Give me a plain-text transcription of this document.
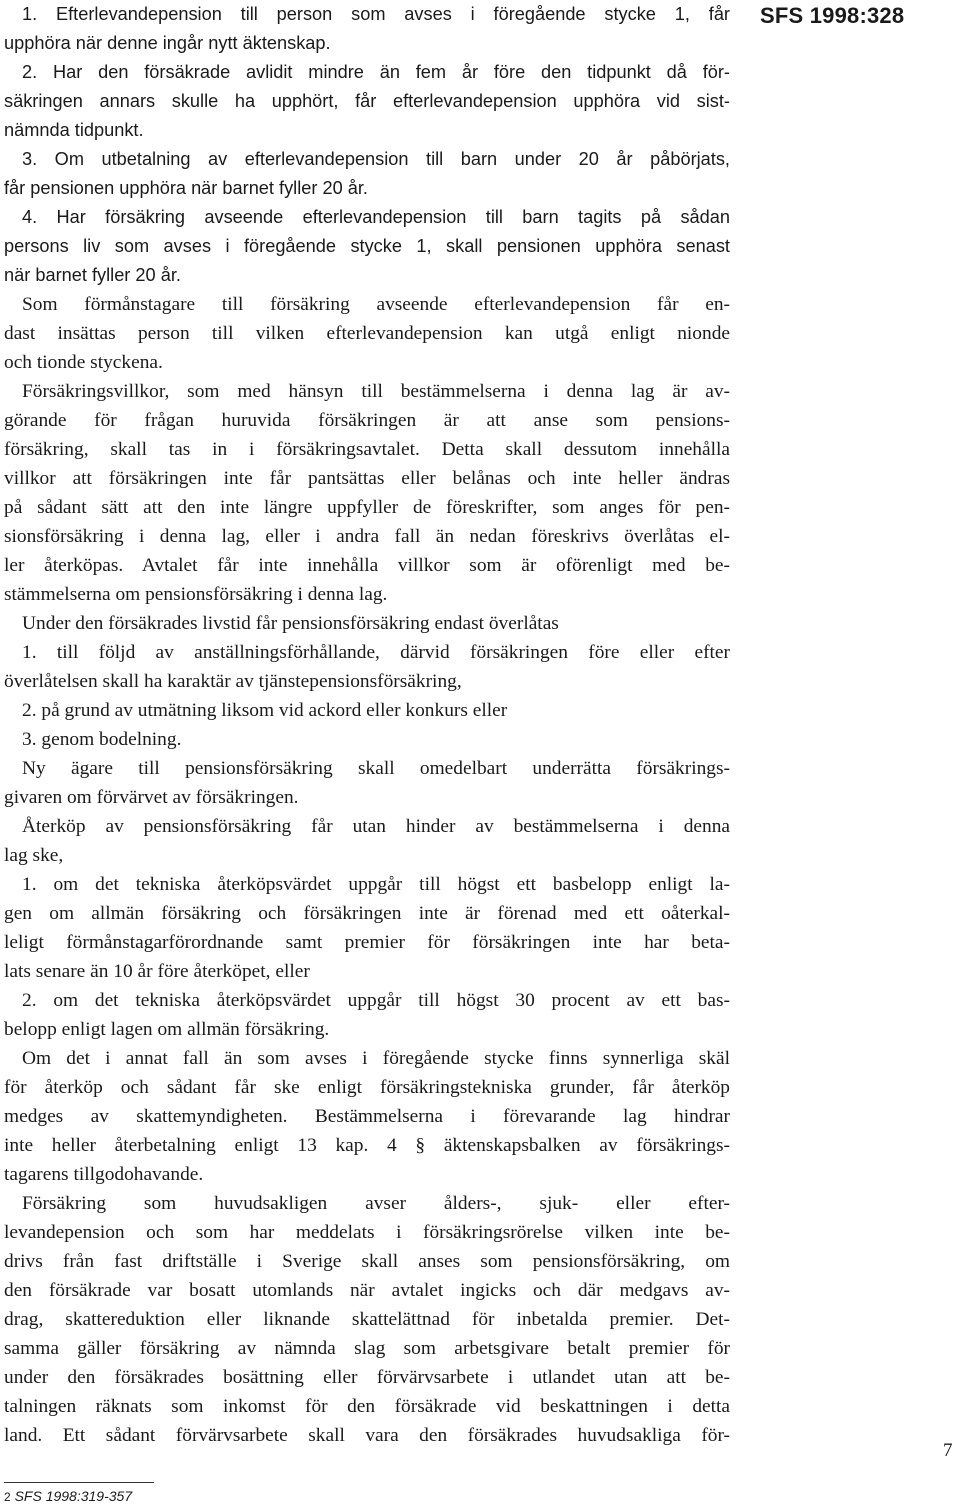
SFS 1998:328
1. Efterlevandepension till person som avses i föregående stycke 1, får
upphöra när denne ingår nytt äktenskap.
2. Har den försäkrade avlidit mindre än fem år före den tidpunkt då för-
säkringen annars skulle ha upphört, får efterlevandepension upphöra vid sist-
nämnda tidpunkt.
3. Om utbetalning av efterlevandepension till barn under 20 år påbörjats,
får pensionen upphöra när barnet fyller 20 år.
4. Har försäkring avseende efterlevandepension till barn tagits på sådan
persons liv som avses i föregående stycke 1, skall pensionen upphöra senast
när barnet fyller 20 år.
Som förmånstagare till försäkring avseende efterlevandepension får en-
dast insättas person till vilken efterlevandepension kan utgå enligt nionde
och tionde styckena.
Försäkringsvillkor, som med hänsyn till bestämmelserna i denna lag är av-
görande för frågan huruvida försäkringen är att anse som pensions-
försäkring, skall tas in i försäkringsavtalet. Detta skall dessutom innehålla
villkor att försäkringen inte får pantsättas eller belånas och inte heller ändras
på sådant sätt att den inte längre uppfyller de föreskrifter, som anges för pen-
sionsförsäkring i denna lag, eller i andra fall än nedan föreskrivs överlåtas el-
ler återköpas. Avtalet får inte innehålla villkor som är oförenligt med be-
stämmelserna om pensionsförsäkring i denna lag.
Under den försäkrades livstid får pensionsförsäkring endast överlåtas
1. till följd av anställningsförhållande, därvid försäkringen före eller efter
överlåtelsen skall ha karaktär av tjänstepensionsförsäkring,
2. på grund av utmätning liksom vid ackord eller konkurs eller
3. genom bodelning.
Ny ägare till pensionsförsäkring skall omedelbart underrätta försäkrings-
givaren om förvärvet av försäkringen.
Återköp av pensionsförsäkring får utan hinder av bestämmelserna i denna
lag ske,
1. om det tekniska återköpsvärdet uppgår till högst ett basbelopp enligt la-
gen om allmän försäkring och försäkringen inte är förenad med ett oåterkal-
leligt förmånstagarförordnande samt premier för försäkringen inte har beta-
lats senare än 10 år före återköpet, eller
2. om det tekniska återköpsvärdet uppgår till högst 30 procent av ett bas-
belopp enligt lagen om allmän försäkring.
Om det i annat fall än som avses i föregående stycke finns synnerliga skäl
för återköp och sådant får ske enligt försäkringstekniska grunder, får återköp
medges av skattemyndigheten. Bestämmelserna i förevarande lag hindrar
inte heller återbetalning enligt 13 kap. 4 § äktenskapsbalken av försäkrings-
tagarens tillgodohavande.
Försäkring som huvudsakligen avser ålders-, sjuk- eller efter-
levandepension och som har meddelats i försäkringsrörelse vilken inte be-
drivs från fast driftställe i Sverige skall anses som pensionsförsäkring, om
den försäkrade var bosatt utomlands när avtalet ingicks och där medgavs av-
drag, skattereduktion eller liknande skattelättnad för inbetalda premier. Det-
samma gäller försäkring av nämnda slag som arbetsgivare betalt premier för
under den försäkrades bosättning eller förvärvsarbete i utlandet utan att be-
talningen räknats som inkomst för den försäkrade vid beskattningen i detta
land. Ett sådant förvärvsarbete skall vara den försäkrades huvudsakliga för-
7
2 SFS 1998:319-357
